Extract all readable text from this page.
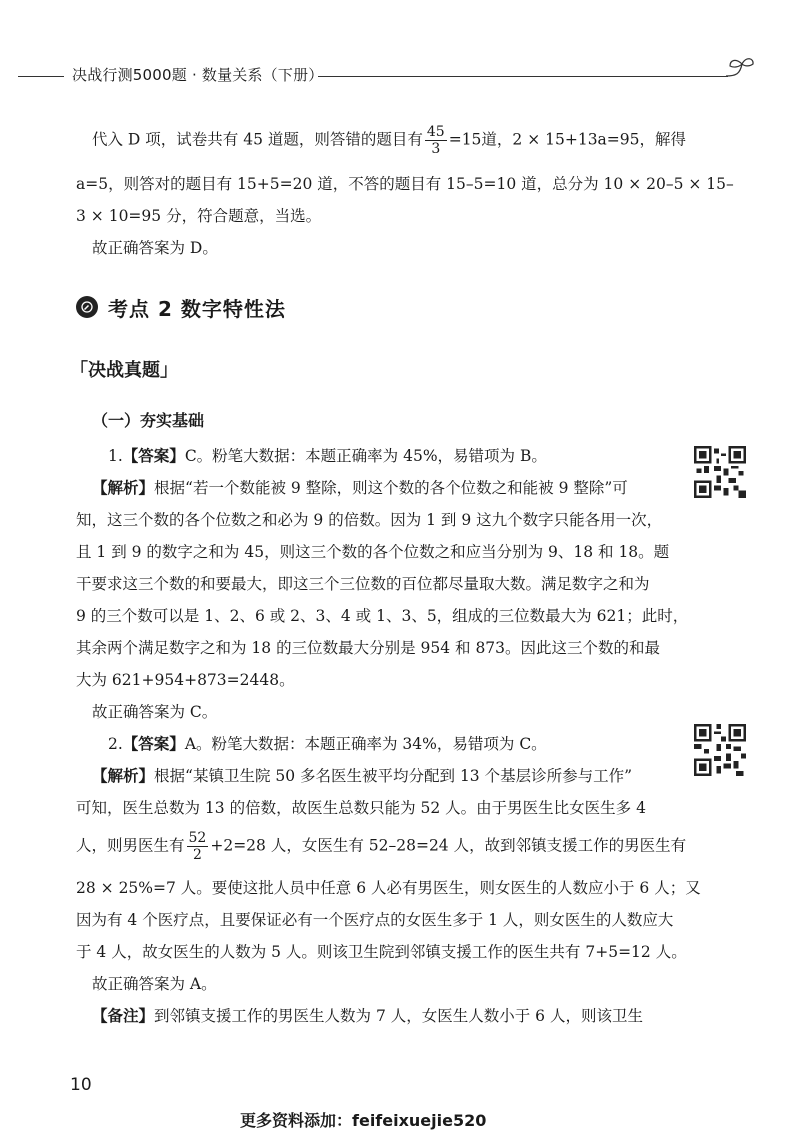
决战行测5000题 · 数量关系（下册）
代入 D 项，试卷共有 45 道题，则答错的题目有 $\frac{45}{3} =15$道，2 × 15+13a=95，解得
a=5，则答对的题目有 15+5=20 道，不答的题目有 15–5=10 道，总分为 10 × 20–5 × 15–
3 × 10=95 分，符合题意，当选。
故正确答案为 D。
考点 2 数字特性法
「决战真题」
（一）夯实基础
1.【答案】C。粉笔大数据：本题正确率为 45%，易错项为 B。
【解析】根据“若一个数能被 9 整除，则这个数的各个位数之和能被 9 整除”可
知，这三个数的各个位数之和必为 9 的倍数。因为 1 到 9 这九个数字只能各用一次，
且 1 到 9 的数字之和为 45，则这三个数的各个位数之和应当分别为 9、18 和 18。题
干要求这三个数的和要最大，即这三个三位数的百位都尽量取大数。满足数字之和为
9 的三个数可以是 1、2、6 或 2、3、4 或 1、3、5，组成的三位数最大为 621；此时，
其余两个满足数字之和为 18 的三位数最大分别是 954 和 873。因此这三个数的和最
大为 621+954+873=2448。
故正确答案为 C。
2.【答案】A。粉笔大数据：本题正确率为 34%，易错项为 C。
【解析】根据“某镇卫生院 50 多名医生被平均分配到 13 个基层诊所参与工作”
可知，医生总数为 13 的倍数，故医生总数只能为 52 人。由于男医生比女医生多 4
人，则男医生有 $\frac{52}{2} +2=28$ 人，女医生有 52–28=24 人，故到邻镇支援工作的男医生有
28 × 25%=7 人。要使这批人员中任意 6 人必有男医生，则女医生的人数应小于 6 人；又
因为有 4 个医疗点，且要保证必有一个医疗点的女医生多于 1 人，则女医生的人数应大
于 4 人，故女医生的人数为 5 人。则该卫生院到邻镇支援工作的医生共有 7+5=12 人。
故正确答案为 A。
【备注】到邻镇支援工作的男医生人数为 7 人，女医生人数小于 6 人，则该卫生
10
更多资料添加：feifeixuejie520
